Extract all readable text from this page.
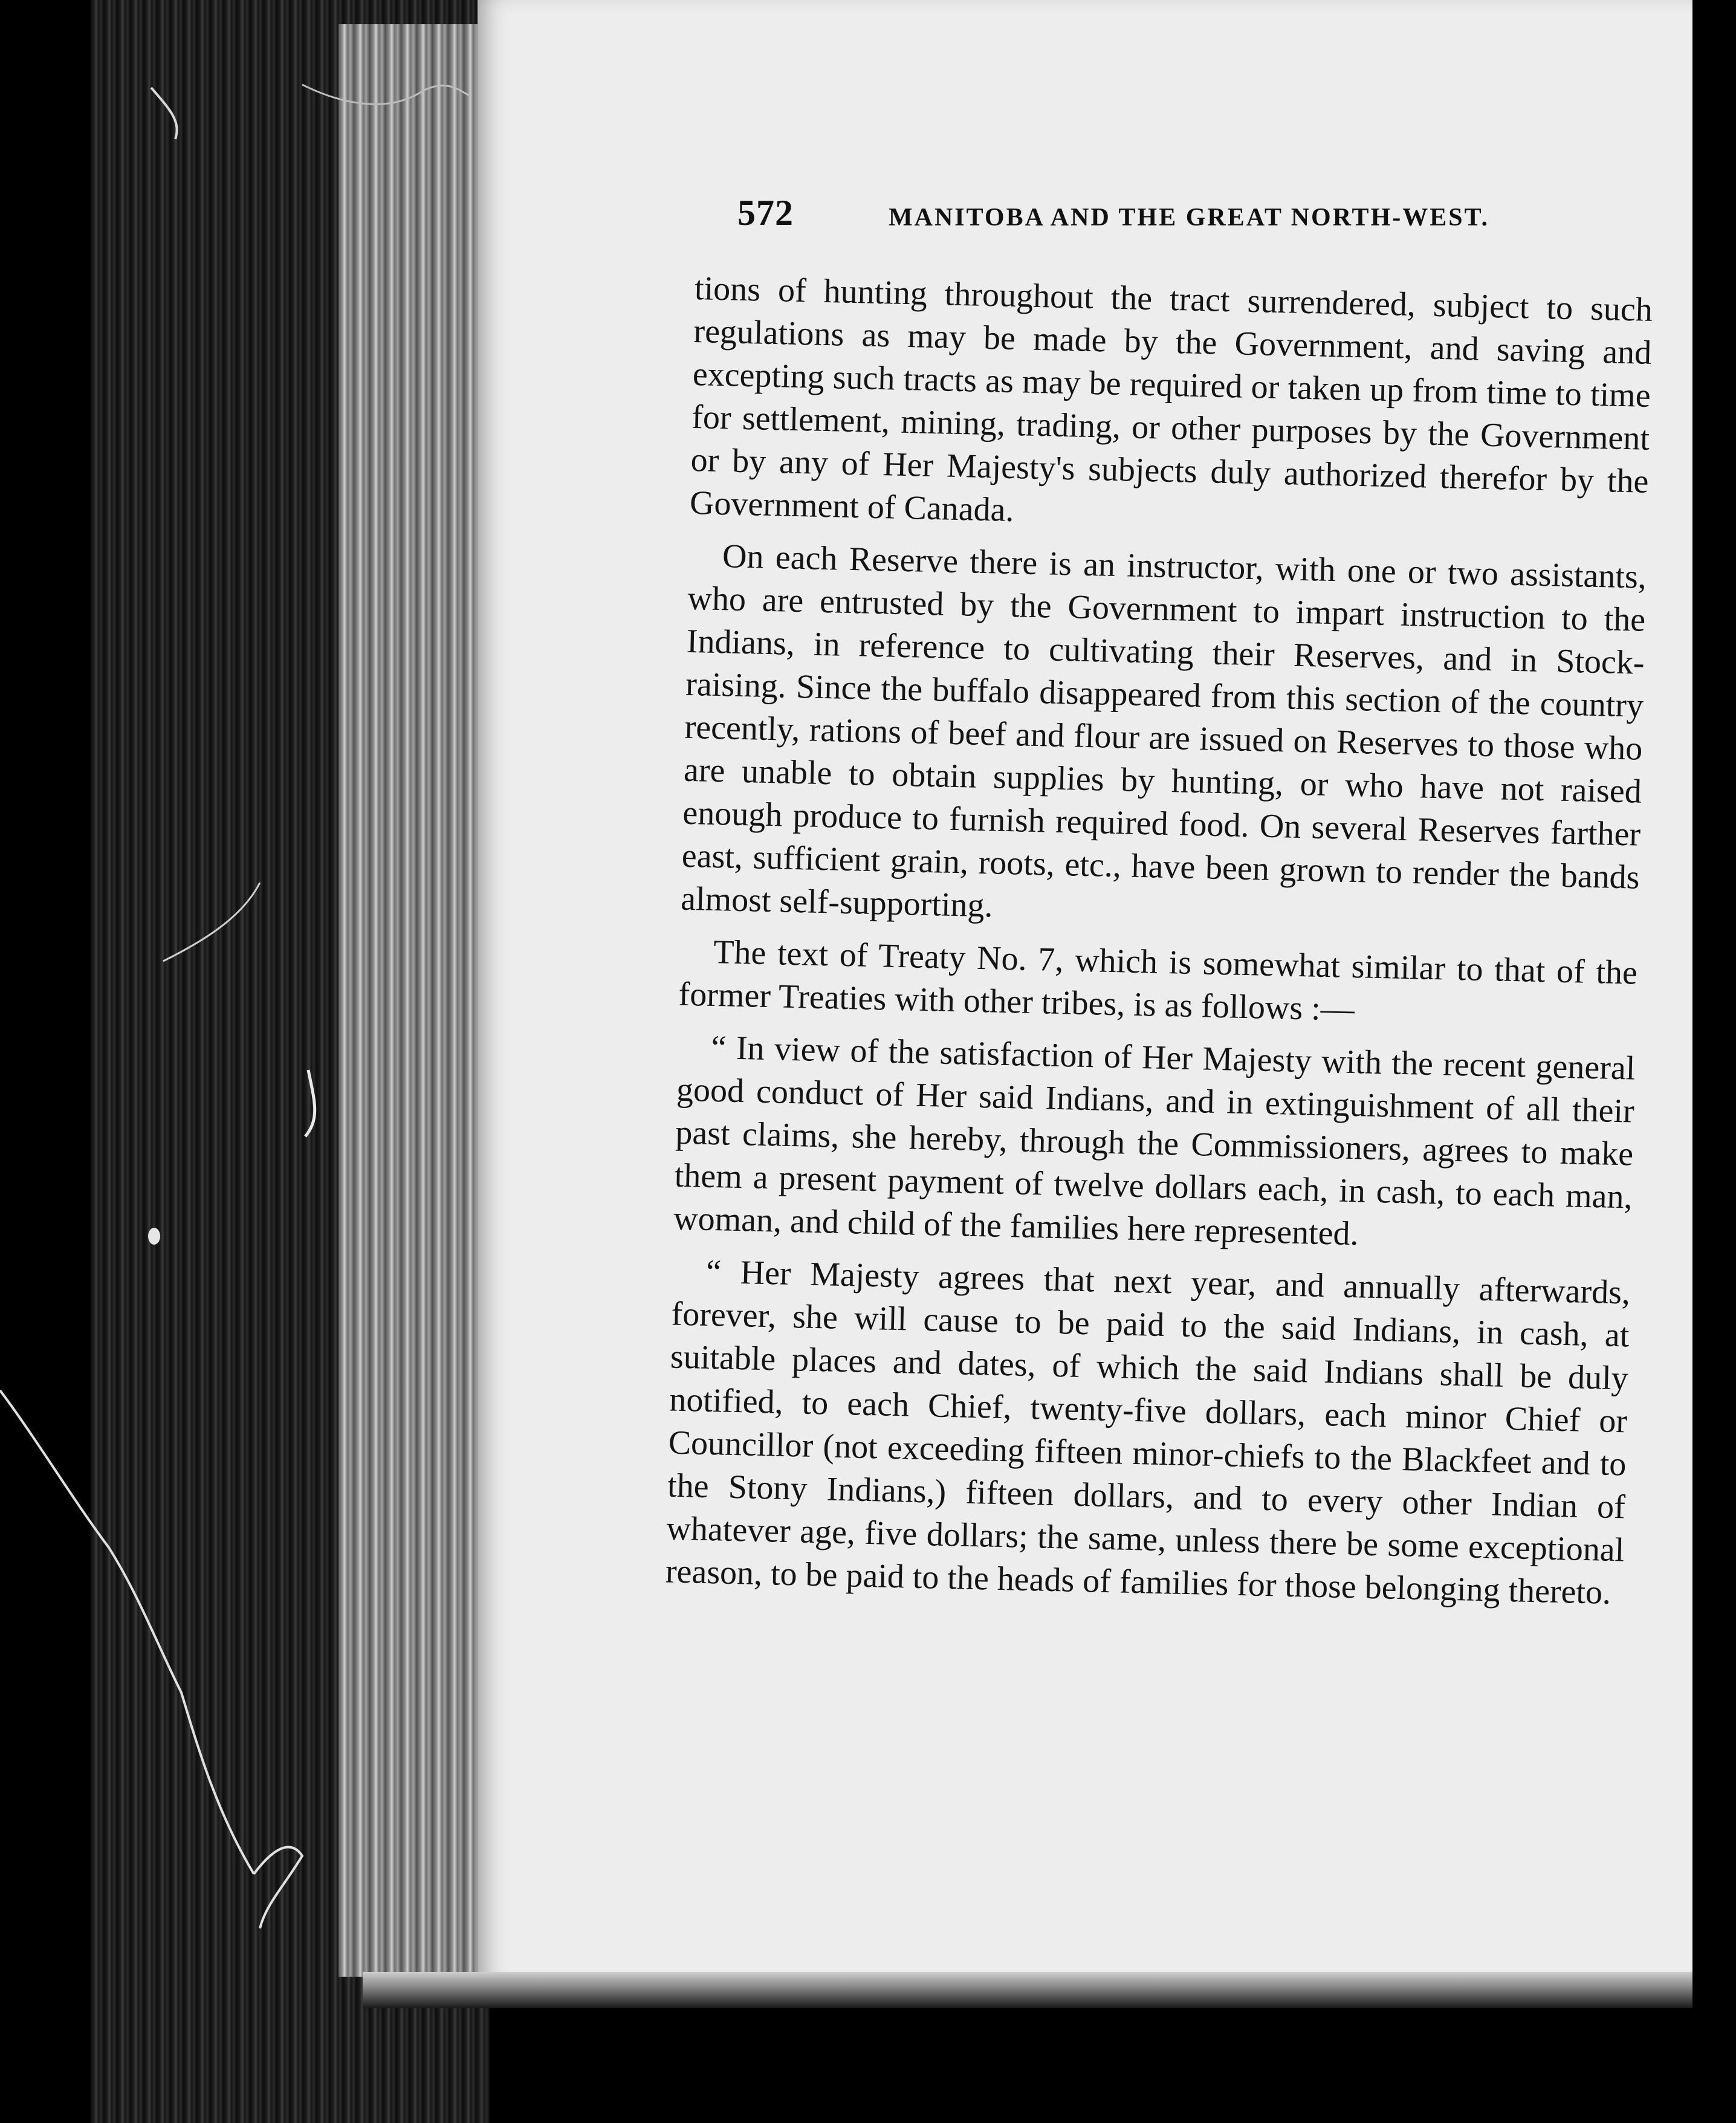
572	MANITOBA AND THE GREAT NORTH-WEST.

tions of hunting throughout the tract surrendered, subject to such regulations as may be made by the Government, and saving and excepting such tracts as may be required or taken up from time to time for settlement, mining, trading, or other purposes by the Government or by any of Her Majesty's subjects duly authorized therefor by the Government of Canada.

On each Reserve there is an instructor, with one or two assistants, who are entrusted by the Government to impart instruction to the Indians, in reference to cultivating their Reserves, and in Stock-raising. Since the buffalo disappeared from this section of the country recently, rations of beef and flour are issued on Reserves to those who are unable to obtain supplies by hunting, or who have not raised enough produce to furnish required food. On several Reserves farther east, sufficient grain, roots, etc., have been grown to render the bands almost self-supporting.

The text of Treaty No. 7, which is somewhat similar to that of the former Treaties with other tribes, is as follows :—

“ In view of the satisfaction of Her Majesty with the recent general good conduct of Her said Indians, and in extinguishment of all their past claims, she hereby, through the Commissioners, agrees to make them a present payment of twelve dollars each, in cash, to each man, woman, and child of the families here represented.

“ Her Majesty agrees that next year, and annually afterwards, forever, she will cause to be paid to the said Indians, in cash, at suitable places and dates, of which the said Indians shall be duly notified, to each Chief, twenty-five dollars, each minor Chief or Councillor (not exceeding fifteen minor-chiefs to the Blackfeet and to the Stony Indians,) fifteen dollars, and to every other Indian of whatever age, five dollars; the same, unless there be some exceptional reason, to be paid to the heads of families for those belonging thereto.
